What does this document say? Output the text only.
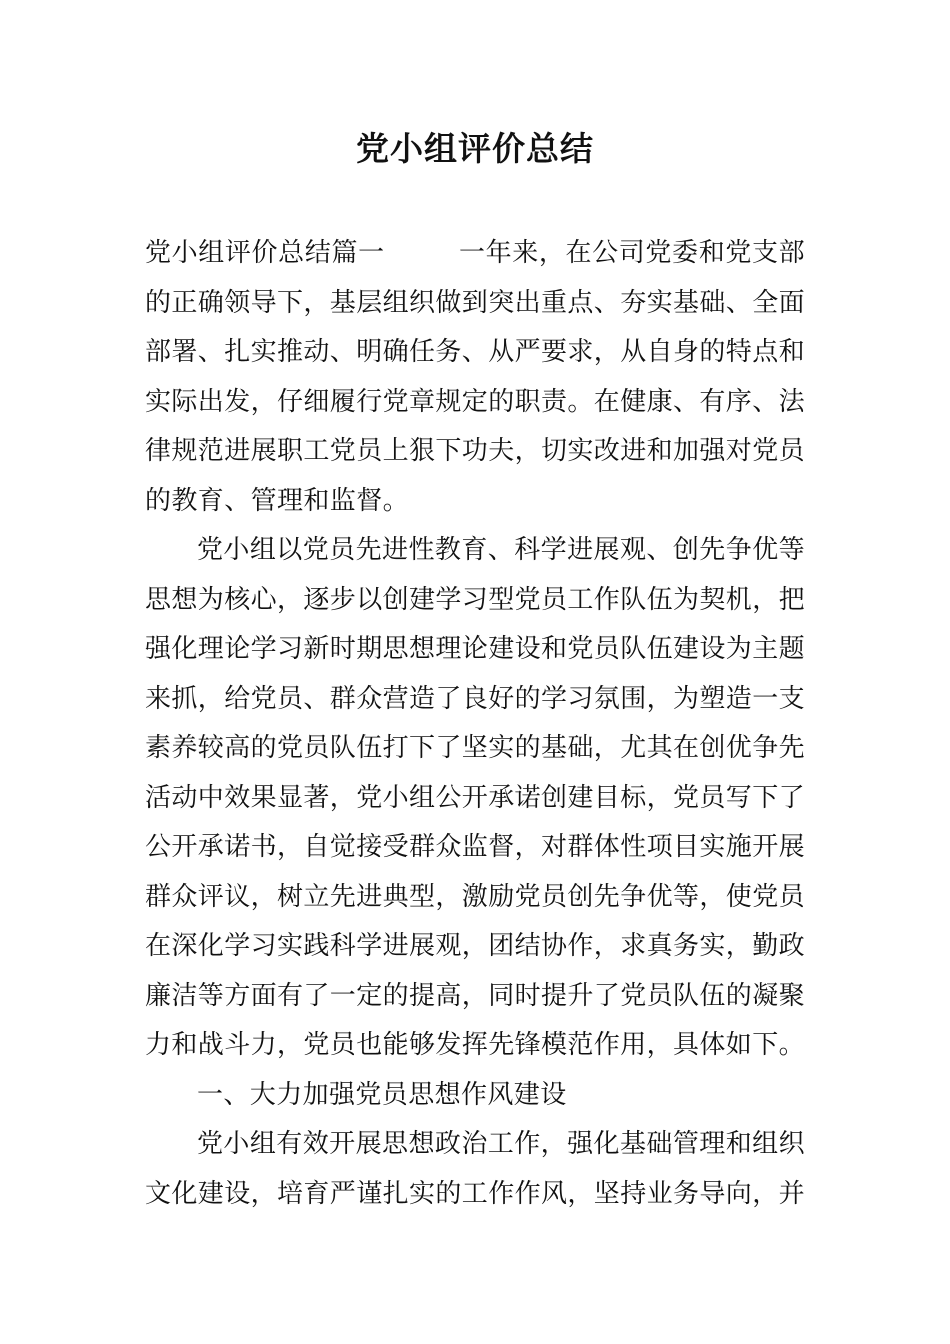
党小组评价总结

党小组评价总结篇一	一年来，在公司党委和党支部的正确领导下，基层组织做到突出重点、夯实基础、全面部署、扎实推动、明确任务、从严要求，从自身的特点和实际出发，仔细履行党章规定的职责。在健康、有序、法律规范进展职工党员上狠下功夫，切实改进和加强对党员的教育、管理和监督。

党小组以党员先进性教育、科学进展观、创先争优等思想为核心，逐步以创建学习型党员工作队伍为契机，把强化理论学习新时期思想理论建设和党员队伍建设为主题来抓，给党员、群众营造了良好的学习氛围，为塑造一支素养较高的党员队伍打下了坚实的基础，尤其在创优争先活动中效果显著，党小组公开承诺创建目标，党员写下了公开承诺书，自觉接受群众监督，对群体性项目实施开展群众评议，树立先进典型，激励党员创先争优等，使党员在深化学习实践科学进展观，团结协作，求真务实，勤政廉洁等方面有了一定的提高，同时提升了党员队伍的凝聚力和战斗力，党员也能够发挥先锋模范作用，具体如下。

一、大力加强党员思想作风建设

党小组有效开展思想政治工作，强化基础管理和组织文化建设，培育严谨扎实的工作作风，坚持业务导向，并
